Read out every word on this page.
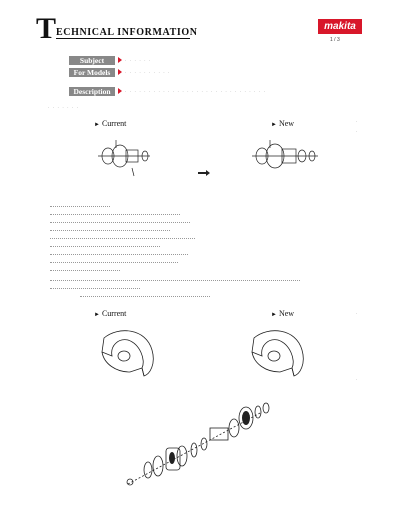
T ECHNICAL INFORMATION
makita
1 / 3
Subject	. . . . . .
For Models	. . . . . . . . . .
Description	. . . . . . . . . . . . . . . . . . . . . . . . . . . . . .
. . . . . . .
► Current	► New
► Current	► New
.
.
.
.
